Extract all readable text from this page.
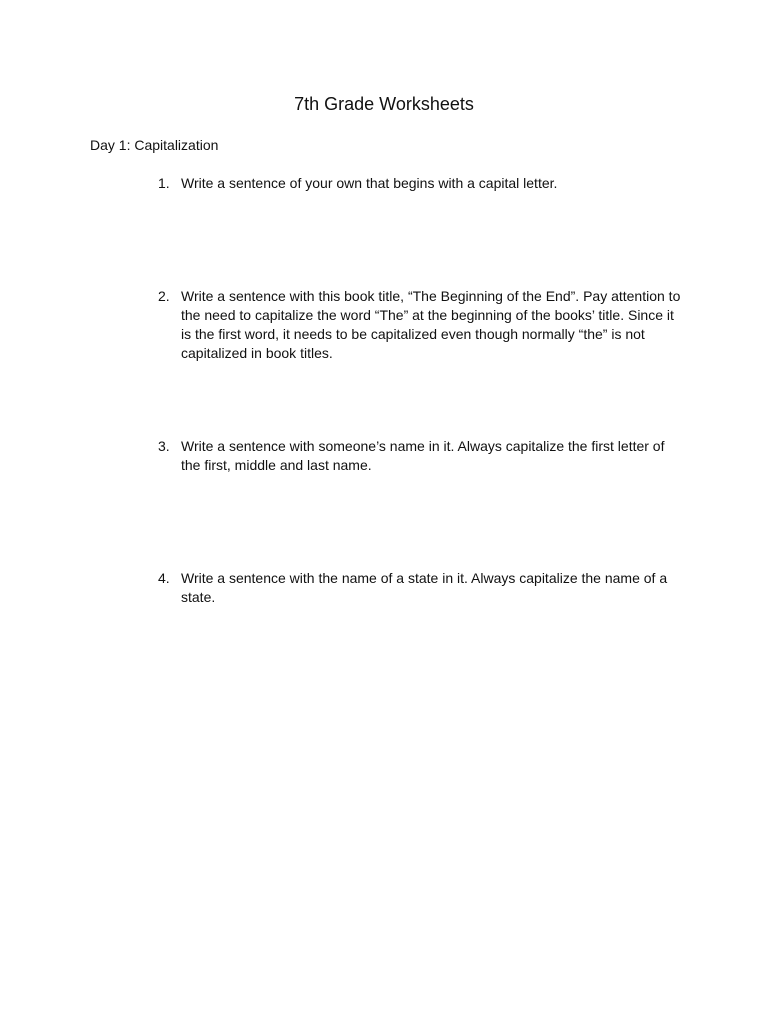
7th Grade Worksheets
Day 1: Capitalization
1. Write a sentence of your own that begins with a capital letter.
2. Write a sentence with this book title, “The Beginning of the End”. Pay attention to the need to capitalize the word “The” at the beginning of the books’ title. Since it is the first word, it needs to be capitalized even though normally “the” is not capitalized in book titles.
3. Write a sentence with someone’s name in it. Always capitalize the first letter of the first, middle and last name.
4. Write a sentence with the name of a state in it. Always capitalize the name of a state.
